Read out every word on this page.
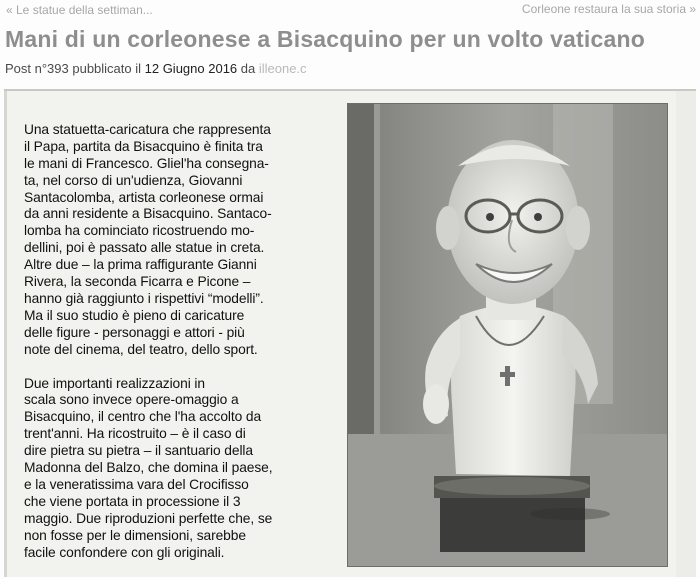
« Le statue della settiman...	Corleone restaura la sua storia »
Mani di un corleonese a Bisacquino per un volto vaticano
Post n°393 pubblicato il 12 Giugno 2016 da illeone.c

Una statuetta-caricatura che rappresenta
il Papa, partita da Bisacquino è finita tra
le mani di Francesco. Gliel'ha consegna-
ta, nel corso di un'udienza, Giovanni
Santacolomba, artista corleonese ormai
da anni residente a Bisacquino. Santaco-
lomba ha cominciato ricostruendo mo-
dellini, poi è passato alle statue in creta.
Altre due – la prima raffigurante Gianni
Rivera, la seconda Ficarra e Picone –
hanno già raggiunto i rispettivi “modelli”.
Ma il suo studio è pieno di caricature
delle figure - personaggi e attori - più
note del cinema, del teatro, dello sport.

Due importanti realizzazioni in
scala sono invece opere-omaggio a
Bisacquino, il centro che l'ha accolto da
trent'anni. Ha ricostruito – è il caso di
dire pietra su pietra – il santuario della
Madonna del Balzo, che domina il paese,
e la veneratissima vara del Crocifisso
che viene portata in processione il 3
maggio. Due riproduzioni perfette che, se
non fosse per le dimensioni, sarebbe
facile confondere con gli originali.
